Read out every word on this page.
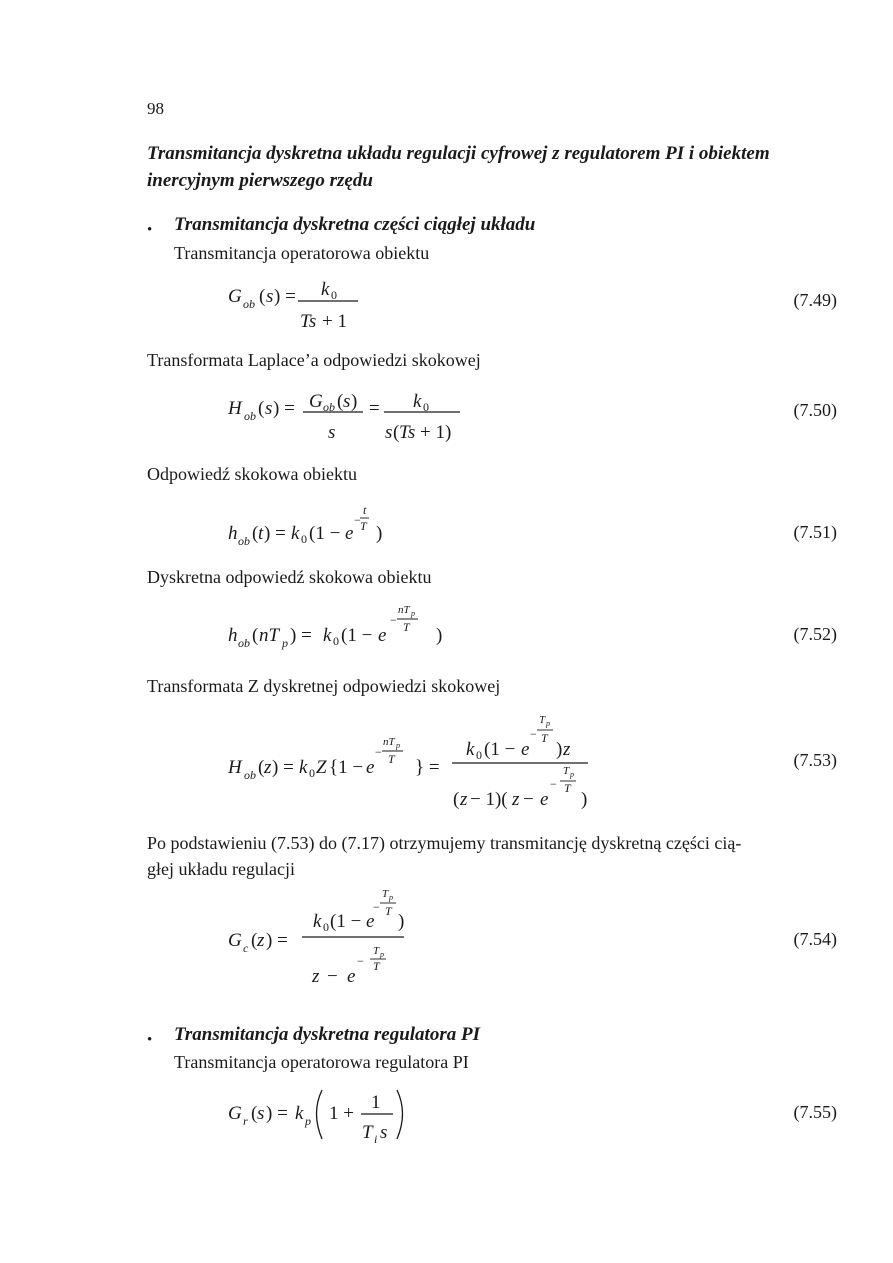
98
Transmitancja dyskretna układu regulacji cyfrowej z regulatorem PI i obiektem inercyjnym pierwszego rzędu
• Transmitancja dyskretna części ciągłej układu
Transmitancja operatorowa obiektu
G ob ( s ) = k 0
Ts + 1
H ob ( s ) = G ob ( s )
s
= k 0
s ( Ts + 1)
h ob ( t ) = k 0 (1 − e
−
t
T )
h ob ( nT p ) = k 0 (1 − e
−
nT p
T )
H ob ( z ) = k 0 Z {1 − e
−
nT p
T } =
k 0 (1 − e
−
T p
T
) z
( z − 1)( z − e
−
T p
T
)
G c ( z ) =
k 0 (1 − e
−
T p
T )
z − e
−
T p
T
G r ( s ) = k p 1 +
1
T i s
(7.49)
(7.50)
(7.51)
(7.52)
(7.53)
(7.54)
(7.55)
Transformata Laplace’a odpowiedzi skokowej
Odpowiedź skokowa obiektu
Dyskretna odpowiedź skokowa obiektu
Transformata Z dyskretnej odpowiedzi skokowej
Po podstawieniu (7.53) do (7.17) otrzymujemy transmitancję dyskretną części cią-
głej układu regulacji
• Transmitancja dyskretna regulatora PI
Transmitancja operatorowa regulatora PI
